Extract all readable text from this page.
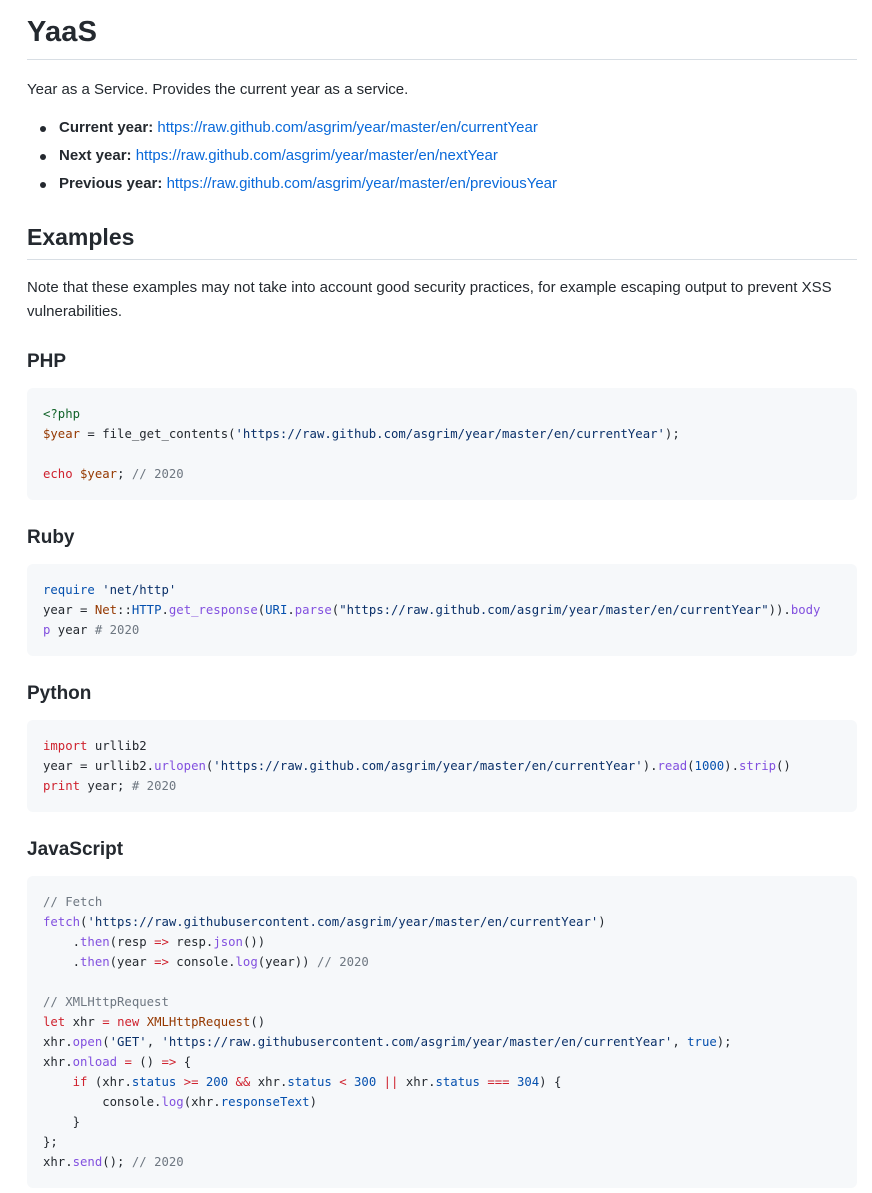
YaaS

Year as a Service. Provides the current year as a service.

Current year: https://raw.github.com/asgrim/year/master/en/currentYear
Next year: https://raw.github.com/asgrim/year/master/en/nextYear
Previous year: https://raw.github.com/asgrim/year/master/en/previousYear
Examples

Note that these examples may not take into account good security practices, for example escaping output to prevent XSS vulnerabilities.

PHP
<?php
$year = file_get_contents('https://raw.github.com/asgrim/year/master/en/currentYear');

echo $year; // 2020
Ruby
require 'net/http'
year = Net::HTTP.get_response(URI.parse("https://raw.github.com/asgrim/year/master/en/currentYear")).body
p year # 2020
Python
import urllib2
year = urllib2.urlopen('https://raw.github.com/asgrim/year/master/en/currentYear').read(1000).strip()
print year; # 2020
JavaScript
// Fetch
fetch('https://raw.githubusercontent.com/asgrim/year/master/en/currentYear')
.then(resp => resp.json())
.then(year => console.log(year)) // 2020

// XMLHttpRequest
let xhr = new XMLHttpRequest()
xhr.open('GET', 'https://raw.githubusercontent.com/asgrim/year/master/en/currentYear', true);
xhr.onload = () => {
if (xhr.status >= 200 && xhr.status < 300 || xhr.status === 304) {
console.log(xhr.responseText)
}
};
xhr.send(); // 2020
